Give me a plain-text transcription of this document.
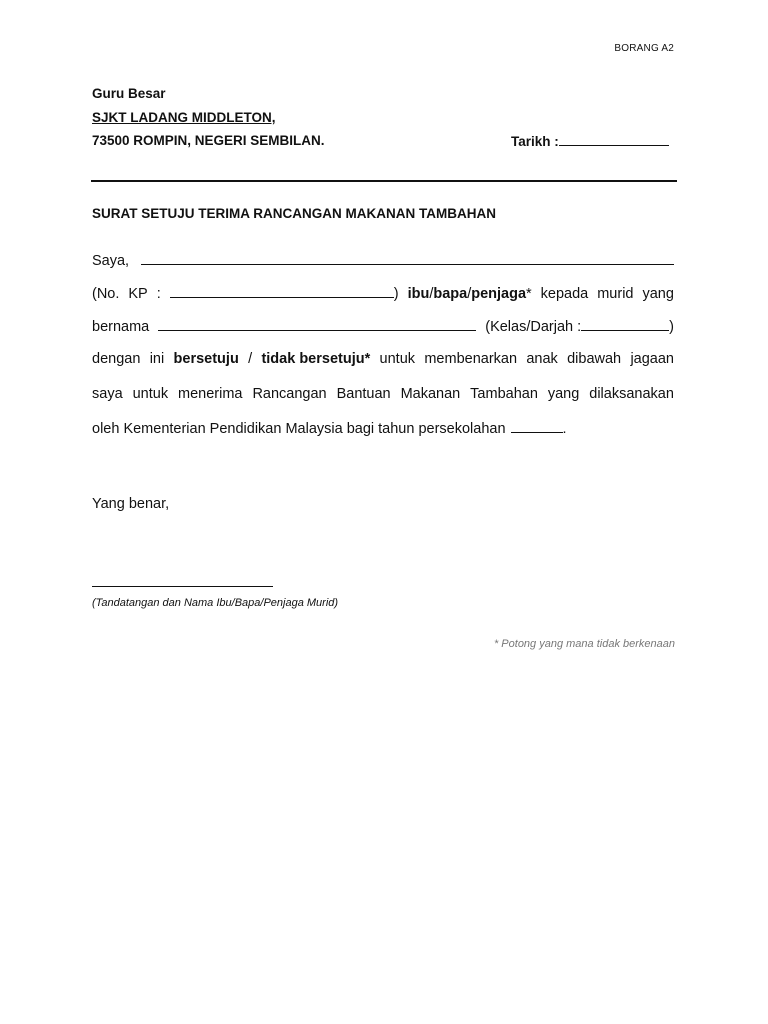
BORANG A2
Guru Besar
SJKT LADANG MIDDLETON,
73500 ROMPIN, NEGERI SEMBILAN.	Tarikh :
SURAT SETUJU TERIMA RANCANGAN MAKANAN TAMBAHAN
Saya,
(No. KP :	) ibu/bapa/penjaga* kepada murid yang
bernama	(Kelas/Darjah :	)
dengan ini bersetuju / tidak bersetuju* untuk membenarkan anak dibawah jagaan
saya untuk menerima Rancangan Bantuan Makanan Tambahan yang dilaksanakan
oleh Kementerian Pendidikan Malaysia bagi tahun persekolahan	.
Yang benar,
(Tandatangan dan Nama Ibu/Bapa/Penjaga Murid)
* Potong yang mana tidak berkenaan
